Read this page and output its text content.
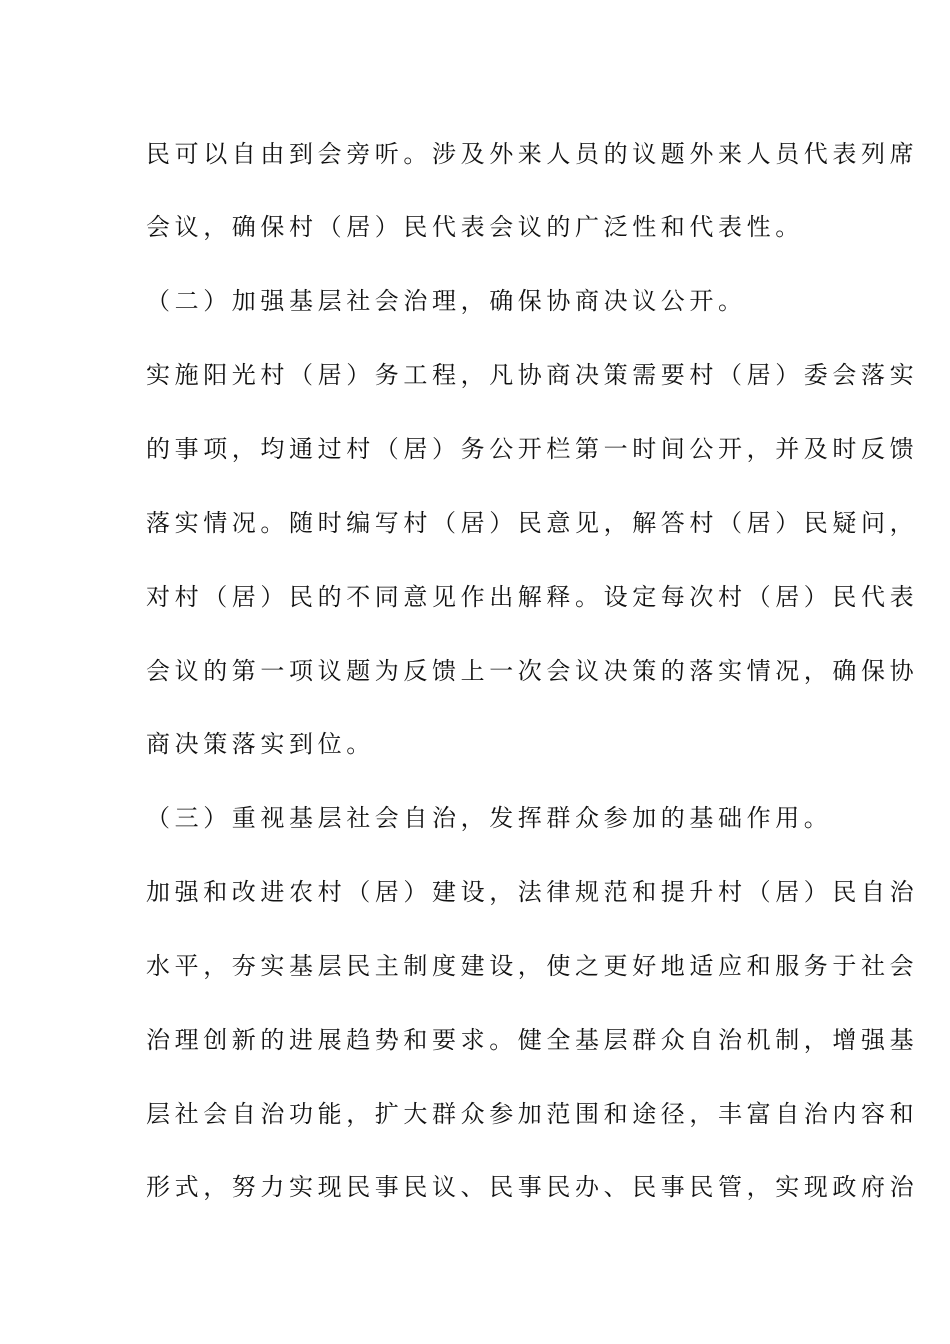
民可以自由到会旁听。涉及外来人员的议题外来人员代表列席
会议，确保村（居）民代表会议的广泛性和代表性。
（二）加强基层社会治理，确保协商决议公开。
实施阳光村（居）务工程，凡协商决策需要村（居）委会落实
的事项，均通过村（居）务公开栏第一时间公开，并及时反馈
落实情况。随时编写村（居）民意见，解答村（居）民疑问，
对村（居）民的不同意见作出解释。设定每次村（居）民代表
会议的第一项议题为反馈上一次会议决策的落实情况，确保协
商决策落实到位。
（三）重视基层社会自治，发挥群众参加的基础作用。
加强和改进农村（居）建设，法律规范和提升村（居）民自治
水平，夯实基层民主制度建设，使之更好地适应和服务于社会
治理创新的进展趋势和要求。健全基层群众自治机制，增强基
层社会自治功能，扩大群众参加范围和途径，丰富自治内容和
形式，努力实现民事民议、民事民办、民事民管，实现政府治
